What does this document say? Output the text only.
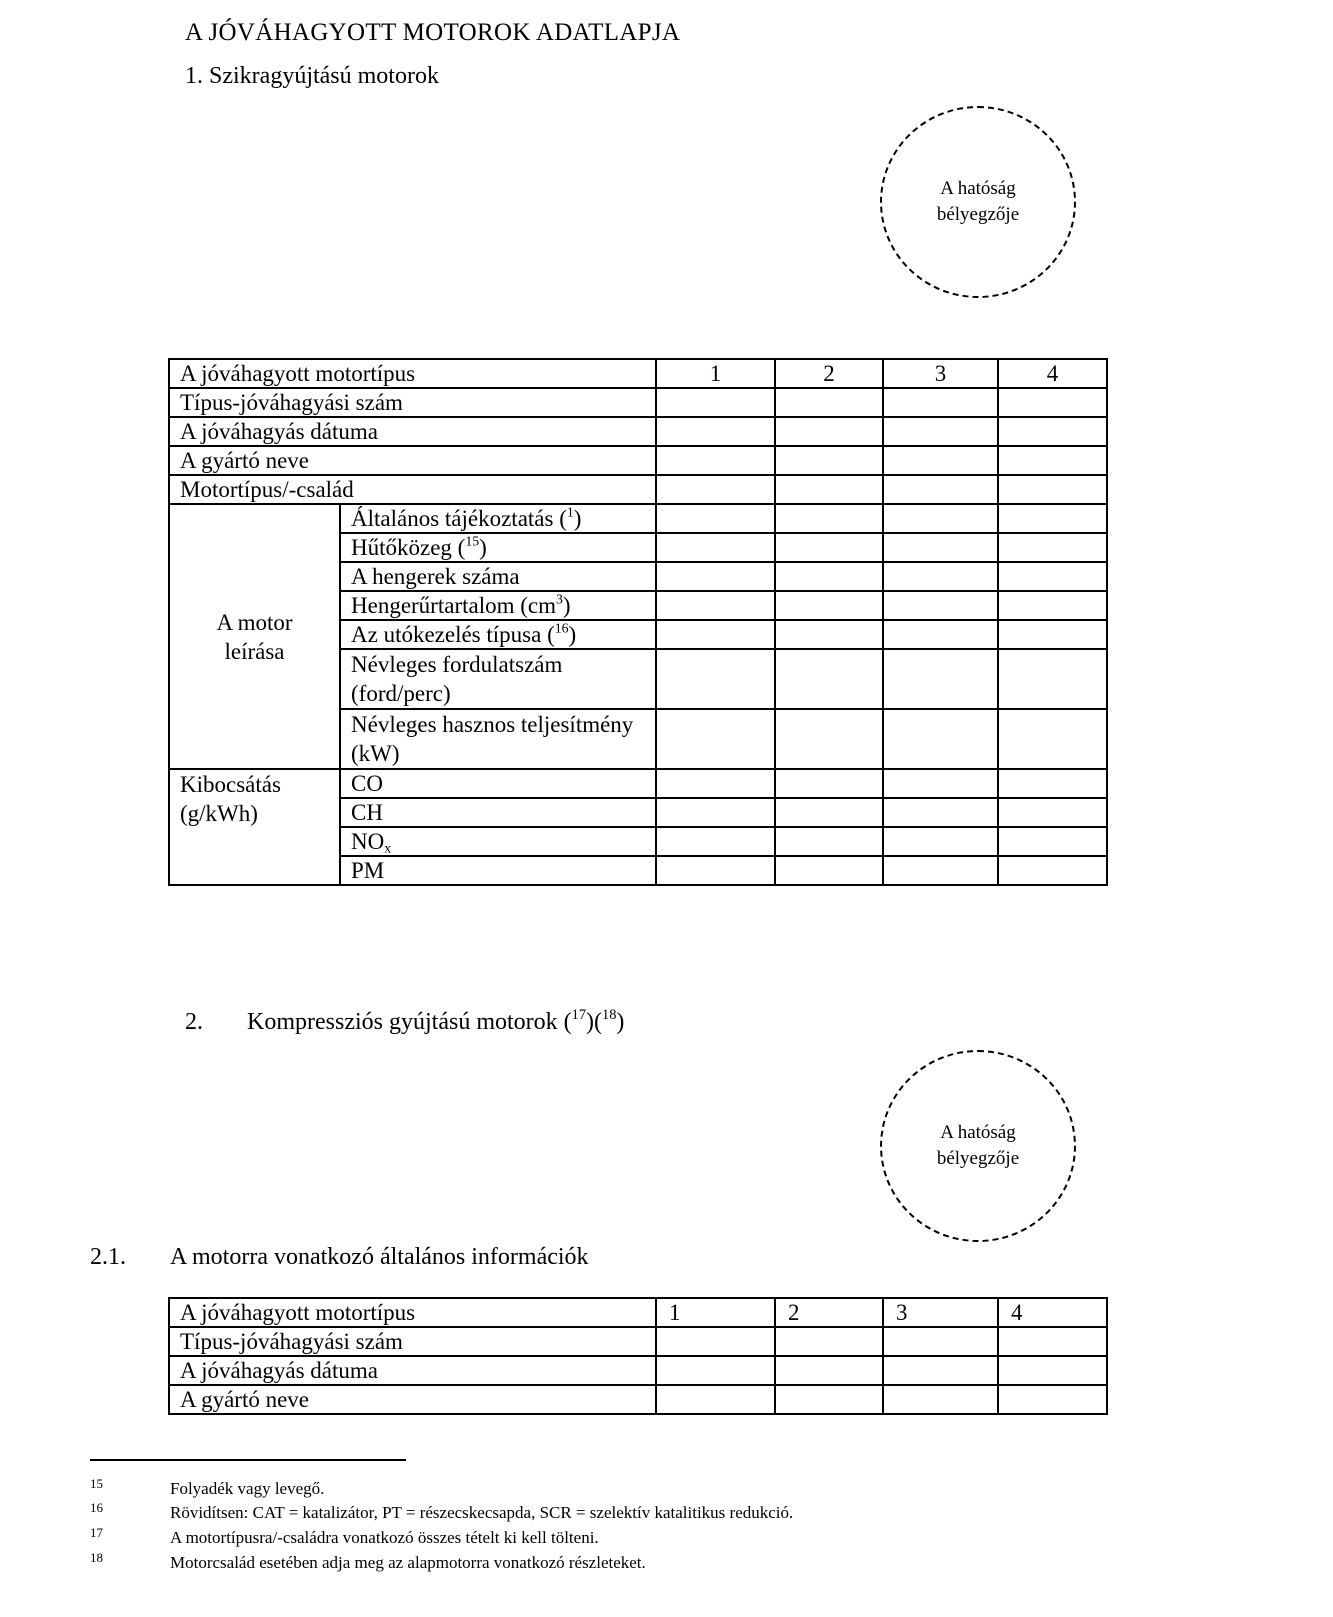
A JÓVÁHAGYOTT MOTOROK ADATLAPJA
1. Szikragyújtású motorok
A hatóság
bélyegzője
A jóváhagyott motortípus		1	2	3	4
Típus-jóváhagyási szám					
A jóváhagyás dátuma					
A gyártó neve					
Motortípus/-család					

A motor leírása	Általános tájékoztatás ($^1$)				
	Hűtőközeg ($^{15}$)				
	A hengerek száma				
	Hengerűrtartalom $(cm^3)$				
	Az utókezelés típusa ($^{16}$)				
	Névleges fordulatszám (ford/perc)				
	Névleges hasznos teljesítmény (kW)				

Kibocsátás (g/kWh)	CO				
	CH				
	$NO_x$				
	PM				
2. Kompressziós gyújtású motorok ($^{17}$)($^{18}$)
A hatóság
bélyegzője
2.1. A motorra vonatkozó általános információk
A jóváhagyott motortípus	1	2	3	4
Típus-jóváhagyási szám				
A jóváhagyás dátuma				
A gyártó neve				
15	Folyadék vagy levegő.
16	Rövidítsen: CAT = katalizátor, PT = részecskecsapda, SCR = szelektív katalitikus redukció.
17	A motortípusra/-családra vonatkozó összes tételt ki kell tölteni.
18	Motorcsalád esetében adja meg az alapmotorra vonatkozó részleteket.
